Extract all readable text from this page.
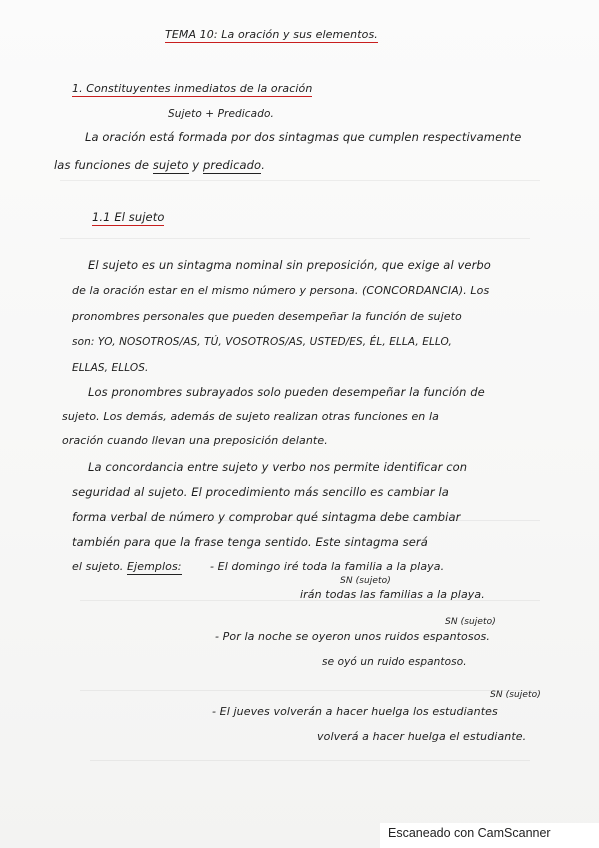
TEMA 10: La oración y sus elementos.
1. Constituyentes inmediatos de la oración
Sujeto + Predicado.
La oración está formada por dos sintagmas que cumplen respectivamente
las funciones de sujeto y predicado.
1.1 El sujeto
El sujeto es un sintagma nominal sin preposición, que exige al verbo
de la oración estar en el mismo número y persona. (CONCORDANCIA). Los
pronombres personales que pueden desempeñar la función de sujeto
son: YO, NOSOTROS/AS, TÚ, VOSOTROS/AS, USTED/ES, ÉL, ELLA, ELLO,
ELLAS, ELLOS.
Los pronombres subrayados solo pueden desempeñar la función de
sujeto. Los demás, además de sujeto realizan otras funciones en la
oración cuando llevan una preposición delante.
La concordancia entre sujeto y verbo nos permite identificar con
seguridad al sujeto. El procedimiento más sencillo es cambiar la
forma verbal de número y comprobar qué sintagma debe cambiar
también para que la frase tenga sentido. Este sintagma será
el sujeto. Ejemplos:	- El domingo iré toda la familia a la playa.
SN (sujeto)
irán todas las familias a la playa.
SN (sujeto)
- Por la noche se oyeron unos ruidos espantosos.
se oyó un ruido espantoso.
SN (sujeto)
- El jueves volverán a hacer huelga los estudiantes
volverá a hacer huelga el estudiante.
Escaneado con CamScanner
